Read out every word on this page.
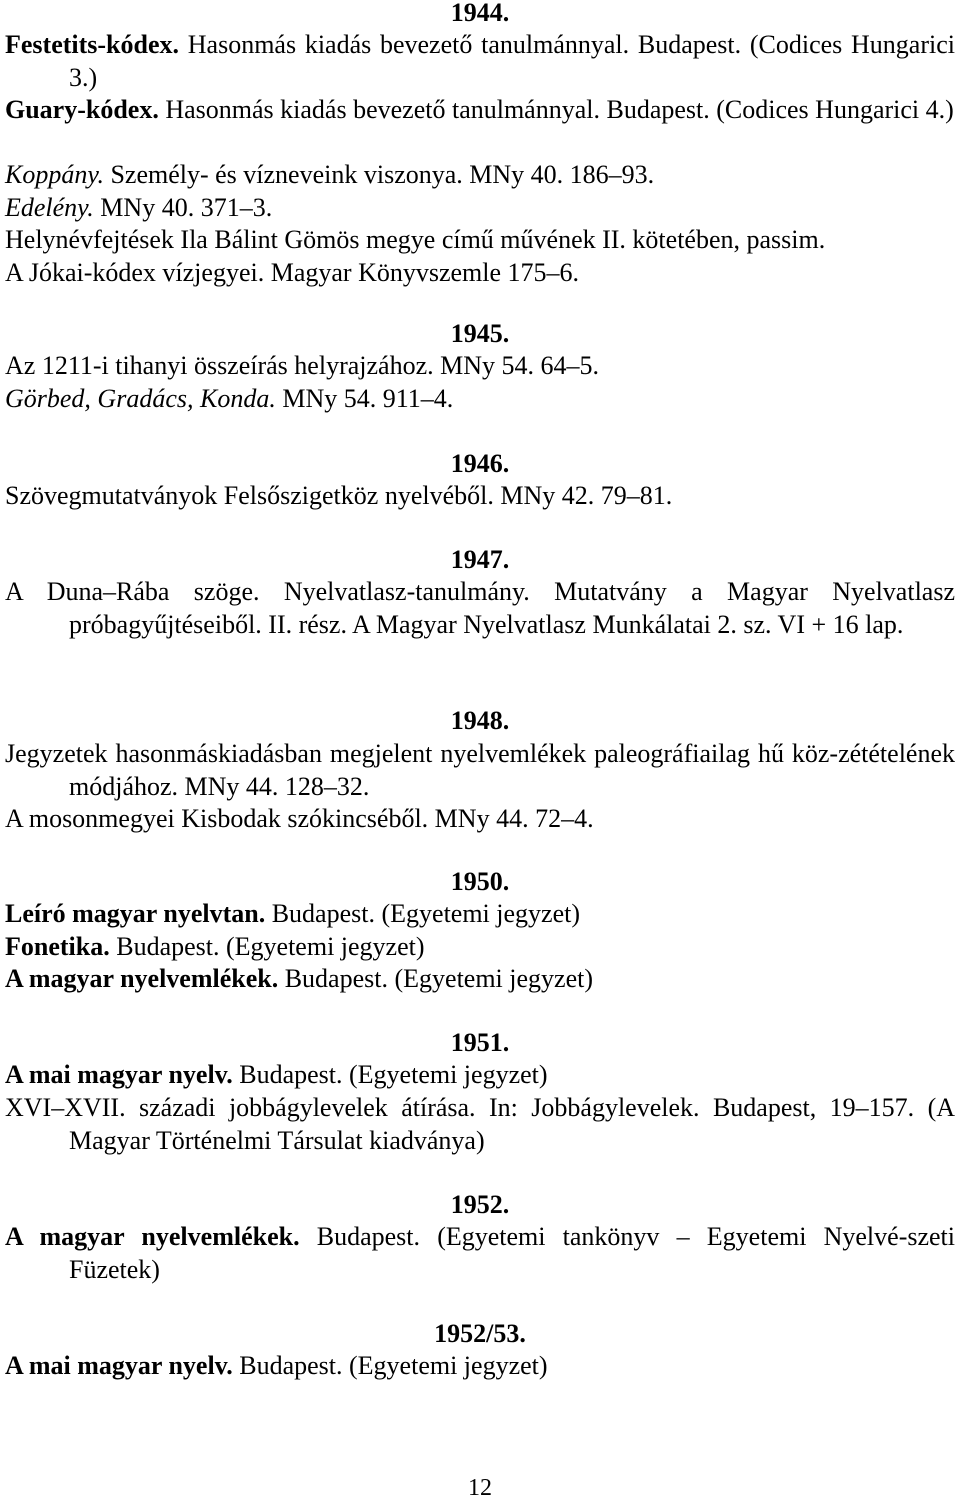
1944.

Festetits-kódex. Hasonmás kiadás bevezető tanulmánnyal. Budapest. (Codices Hungarici 3.)

Guary-kódex. Hasonmás kiadás bevezető tanulmánnyal. Budapest. (Codices Hungarici 4.)

Koppány. Személy- és vízneveink viszonya. MNy 40. 186–93.

Edelény. MNy 40. 371–3.

Helynévfejtések Ila Bálint Gömös megye című művének II. kötetében, passim.

A Jókai-kódex vízjegyei. Magyar Könyvszemle 175–6.

1945.

Az 1211-i tihanyi összeírás helyrajzához. MNy 54. 64–5.

Görbed, Gradács, Konda. MNy 54. 911–4.

1946.

Szövegmutatványok Felsőszigetköz nyelvéből. MNy 42. 79–81.

1947.

A Duna–Rába szöge. Nyelvatlasz-tanulmány. Mutatvány a Magyar Nyelvatlasz próbagyűjtéseiből. II. rész. A Magyar Nyelvatlasz Munkálatai 2. sz. VI + 16 lap.

1948.

Jegyzetek hasonmáskiadásban megjelent nyelvemlékek paleográfiailag hű köz-zétételének módjához. MNy 44. 128–32.

A mosonmegyei Kisbodak szókincséből. MNy 44. 72–4.

1950.

Leíró magyar nyelvtan. Budapest. (Egyetemi jegyzet)

Fonetika. Budapest. (Egyetemi jegyzet)

A magyar nyelvemlékek. Budapest. (Egyetemi jegyzet)

1951.

A mai magyar nyelv. Budapest. (Egyetemi jegyzet)

XVI–XVII. századi jobbágylevelek átírása. In: Jobbágylevelek. Budapest, 19–157. (A Magyar Történelmi Társulat kiadványa)

1952.

A magyar nyelvemlékek. Budapest. (Egyetemi tankönyv – Egyetemi Nyelvé-szeti Füzetek)

1952/53.

A mai magyar nyelv. Budapest. (Egyetemi jegyzet)

12
